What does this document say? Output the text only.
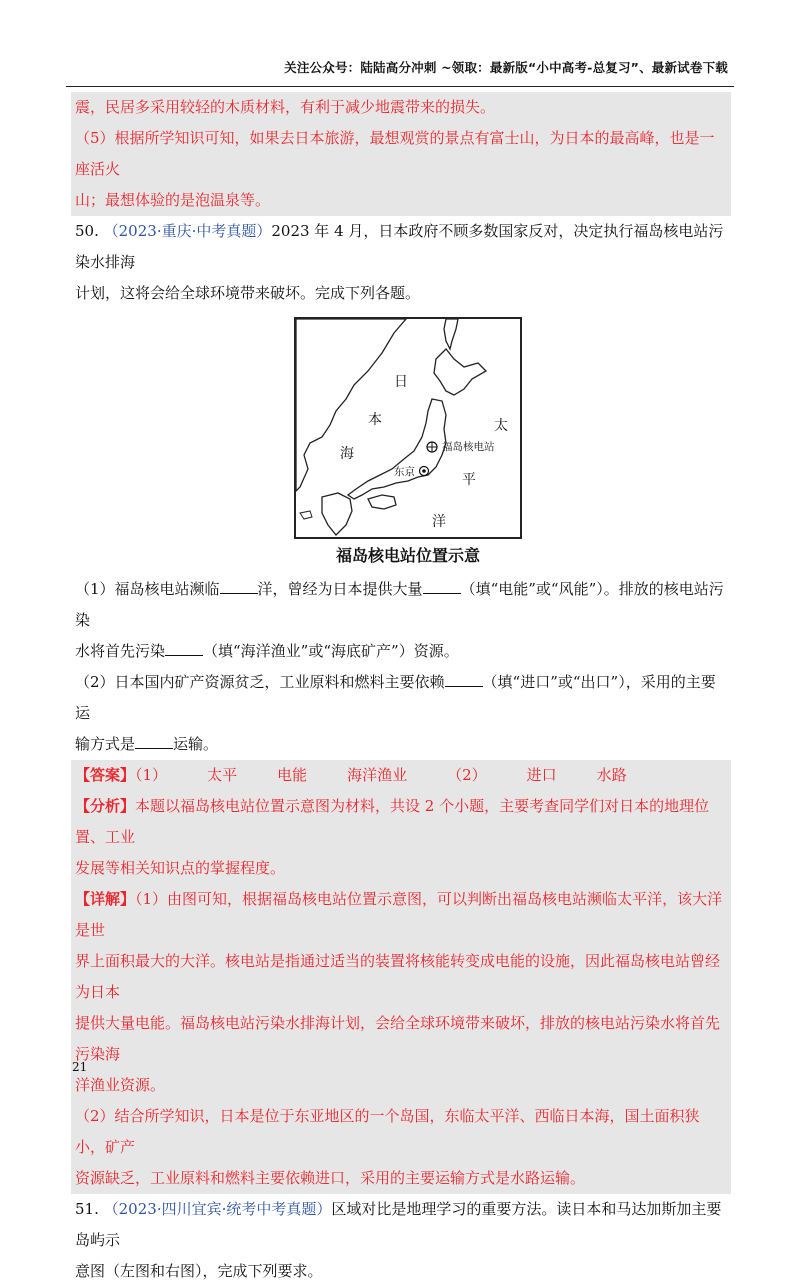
关注公众号：陆陆高分冲刺 ~领取：最新版“小中高考-总复习”、最新试卷下载

震，民居多采用较轻的木质材料，有利于减少地震带来的损失。

（5）根据所学知识可知，如果去日本旅游，最想观赏的景点有富士山，为日本的最高峰，也是一座活火

山；最想体验的是泡温泉等。

50. （2023·重庆·中考真题）2023 年 4 月，日本政府不顾多数国家反对，决定执行福岛核电站污染水排海

计划，这将会给全球环境带来破坏。完成下列各题。

日
本
海
太
平
洋
福岛核电站
东京
福岛核电站位置示意

（1）福岛核电站濒临	洋，曾经为日本提供大量	（填“电能”或“风能”）。排放的核电站污染

水将首先污染	（填“海洋渔业”或“海底矿产”）资源。

（2）日本国内矿产资源贫乏，工业原料和燃料主要依赖	（填“进口”或“出口”），采用的主要运

输方式是	运输。

【答案】（1）	太平	电能	海洋渔业	（2）	进口	水路

【分析】本题以福岛核电站位置示意图为材料，共设 2 个小题，主要考查同学们对日本的地理位置、工业

发展等相关知识点的掌握程度。

【详解】（1）由图可知，根据福岛核电站位置示意图，可以判断出福岛核电站濒临太平洋，该大洋是世

界上面积最大的大洋。核电站是指通过适当的装置将核能转变成电能的设施，因此福岛核电站曾经为日本

提供大量电能。福岛核电站污染水排海计划，会给全球环境带来破坏，排放的核电站污染水将首先污染海

洋渔业资源。

（2）结合所学知识，日本是位于东亚地区的一个岛国，东临太平洋、西临日本海，国土面积狭小，矿产

资源缺乏，工业原料和燃料主要依赖进口，采用的主要运输方式是水路运输。

51. （2023·四川宜宾·统考中考真题）区域对比是地理学习的重要方法。读日本和马达加斯加主要岛屿示

意图（左图和右图），完成下列要求。

21
